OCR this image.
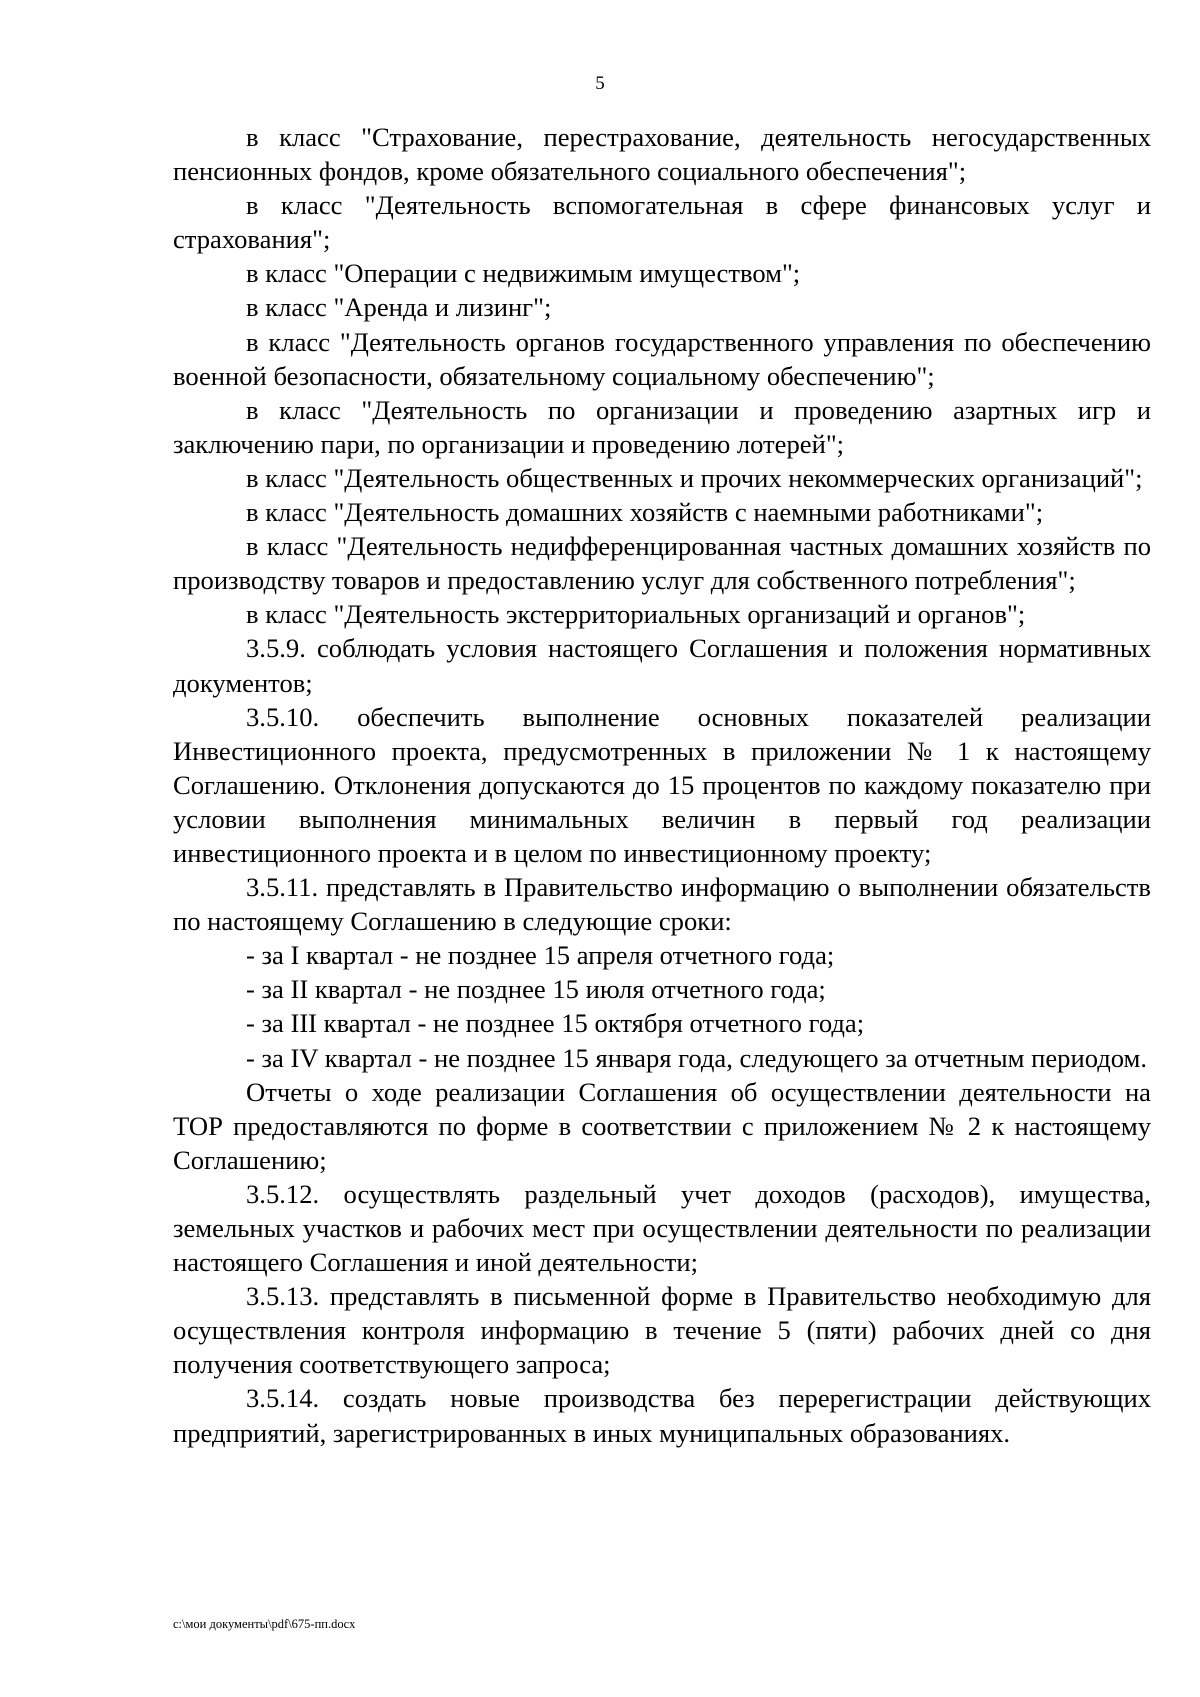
5

в класс "Страхование, перестрахование, деятельность негосударственных пенсионных фондов, кроме обязательного социального обеспечения";

в класс "Деятельность вспомогательная в сфере финансовых услуг и страхования";

в класс "Операции с недвижимым имуществом";

в класс "Аренда и лизинг";

в класс "Деятельность органов государственного управления по обеспечению военной безопасности, обязательному социальному обеспечению";

в класс "Деятельность по организации и проведению азартных игр и заключению пари, по организации и проведению лотерей";

в класс "Деятельность общественных и прочих некоммерческих организаций";

в класс "Деятельность домашних хозяйств с наемными работниками";

в класс "Деятельность недифференцированная частных домашних хозяйств по производству товаров и предоставлению услуг для собственного потребления";

в класс "Деятельность экстерриториальных организаций и органов";

3.5.9. соблюдать условия настоящего Соглашения и положения нормативных документов;

3.5.10. обеспечить выполнение основных показателей реализации Инвестиционного проекта, предусмотренных в приложении № 1 к настоящему Соглашению. Отклонения допускаются до 15 процентов по каждому показателю при условии выполнения минимальных величин в первый год реализации инвестиционного проекта и в целом по инвестиционному проекту;

3.5.11. представлять в Правительство информацию о выполнении обязательств по настоящему Соглашению в следующие сроки:

- за I квартал - не позднее 15 апреля отчетного года;

- за II квартал - не позднее 15 июля отчетного года;

- за III квартал - не позднее 15 октября отчетного года;

- за IV квартал - не позднее 15 января года, следующего за отчетным периодом.

Отчеты о ходе реализации Соглашения об осуществлении деятельности на ТОР предоставляются по форме в соответствии с приложением № 2 к настоящему Соглашению;

3.5.12. осуществлять раздельный учет доходов (расходов), имущества, земельных участков и рабочих мест при осуществлении деятельности по реализации настоящего Соглашения и иной деятельности;

3.5.13. представлять в письменной форме в Правительство необходимую для осуществления контроля информацию в течение 5 (пяти) рабочих дней со дня получения соответствующего запроса;

3.5.14. создать новые производства без перерегистрации действующих предприятий, зарегистрированных в иных муниципальных образованиях.

c:\мои документы\pdf\675-пп.docx
